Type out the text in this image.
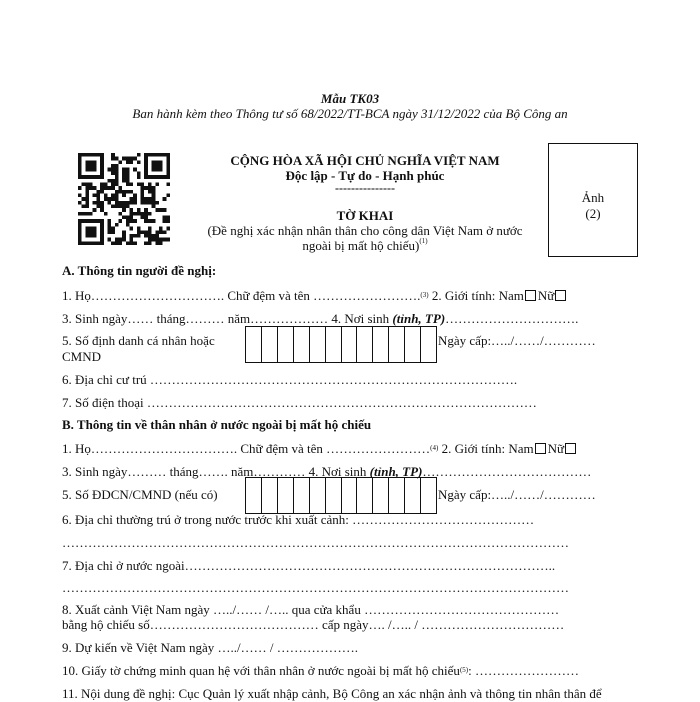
Mẫu TK03
Ban hành kèm theo Thông tư số 68/2022/TT-BCA ngày 31/12/2022 của Bộ Công an
CỘNG HÒA XÃ HỘI CHỦ NGHĨA VIỆT NAM
Độc lập - Tự do - Hạnh phúc
---------------
TỜ KHAI
(Đề nghị xác nhận nhân thân cho công dân Việt Nam ở nước
ngoài bị mất hộ chiếu)$^{(1)}$
Ảnh
(2)
A. Thông tin người đề nghị:
1. Họ…………………………. Chữ đệm và tên …………………….$^{(3)}$ 2. Giới tính: Nam Nữ
3. Sinh ngày…… tháng……… năm……………… 4. Nơi sinh (tỉnh, TP)………………………….
5. Số định danh cá nhân hoặc
CMND
Ngày cấp:…../……/…………
6. Địa chỉ cư trú ………………………………………………………………………….
7. Số điện thoại ………………………………………………………………………………
B. Thông tin về thân nhân ở nước ngoài bị mất hộ chiếu
1. Họ……………………………. Chữ đệm và tên ……………………$^{(4)}$ 2. Giới tính: Nam Nữ
3. Sinh ngày……… tháng……. năm………… 4. Nơi sinh (tỉnh, TP)…………………………………
5. Số ĐDCN/CMND (nếu có)	Ngày cấp:…../……/…………
6. Địa chỉ thường trú ở trong nước trước khi xuất cảnh: ……………………………………
………………………………………………………………………………………………………
7. Địa chỉ ở nước ngoài…………………………………………………………………………..
………………………………………………………………………………………………………
8. Xuất cảnh Việt Nam ngày …../…… /….. qua cửa khẩu ………………………………………
bằng hộ chiếu số………………………………… cấp ngày…. /….. / ……………………………
9. Dự kiến về Việt Nam ngày …../…… / ……………….
10. Giấy tờ chứng minh quan hệ với thân nhân ở nước ngoài bị mất hộ chiếu$^{(5)}$: ……………………
11. Nội dung đề nghị: Cục Quản lý xuất nhập cảnh, Bộ Công an xác nhận ảnh và thông tin nhân thân để
